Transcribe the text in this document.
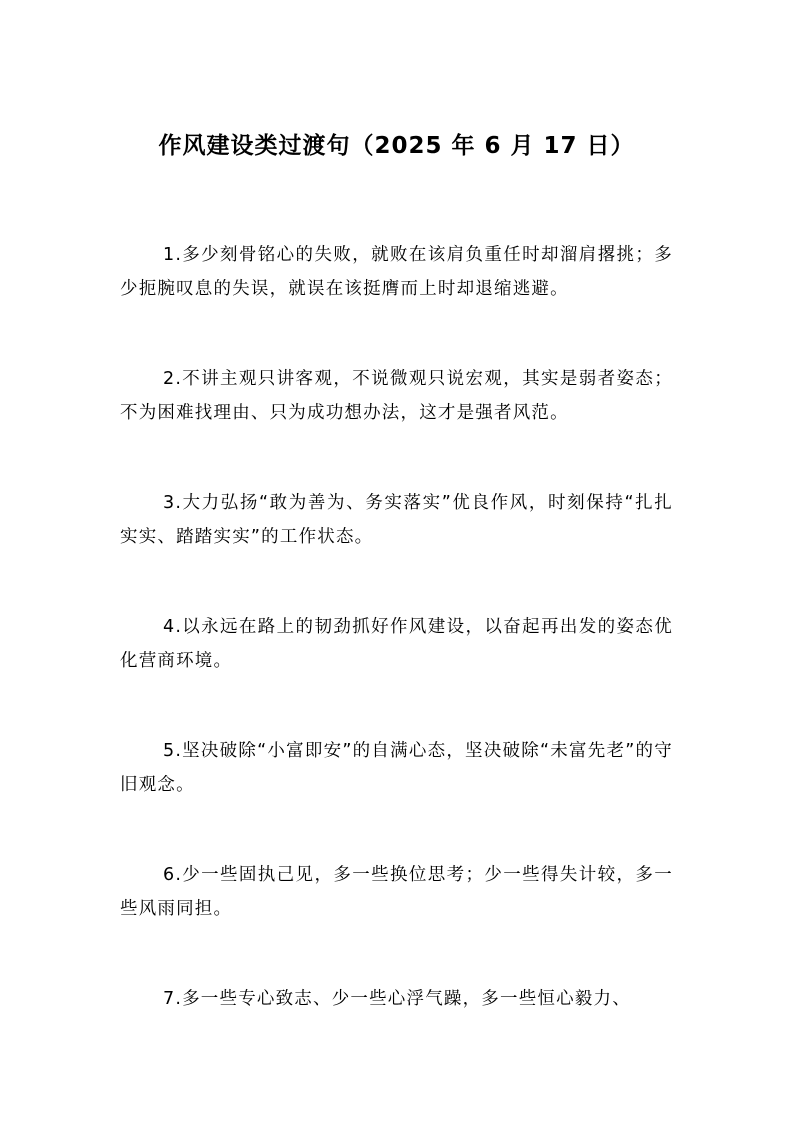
作风建设类过渡句（2025 年 6 月 17 日）

1.多少刻骨铭心的失败，就败在该肩负重任时却溜肩撂挑；多少扼腕叹息的失误，就误在该挺膺而上时却退缩逃避。

2.不讲主观只讲客观，不说微观只说宏观，其实是弱者姿态；不为困难找理由、只为成功想办法，这才是强者风范。

3.大力弘扬“敢为善为、务实落实”优良作风，时刻保持“扎扎实实、踏踏实实”的工作状态。

4.以永远在路上的韧劲抓好作风建设，以奋起再出发的姿态优化营商环境。

5.坚决破除“小富即安”的自满心态，坚决破除“未富先老”的守旧观念。

6.少一些固执己见，多一些换位思考；少一些得失计较，多一些风雨同担。

7.多一些专心致志、少一些心浮气躁，多一些恒心毅力、
